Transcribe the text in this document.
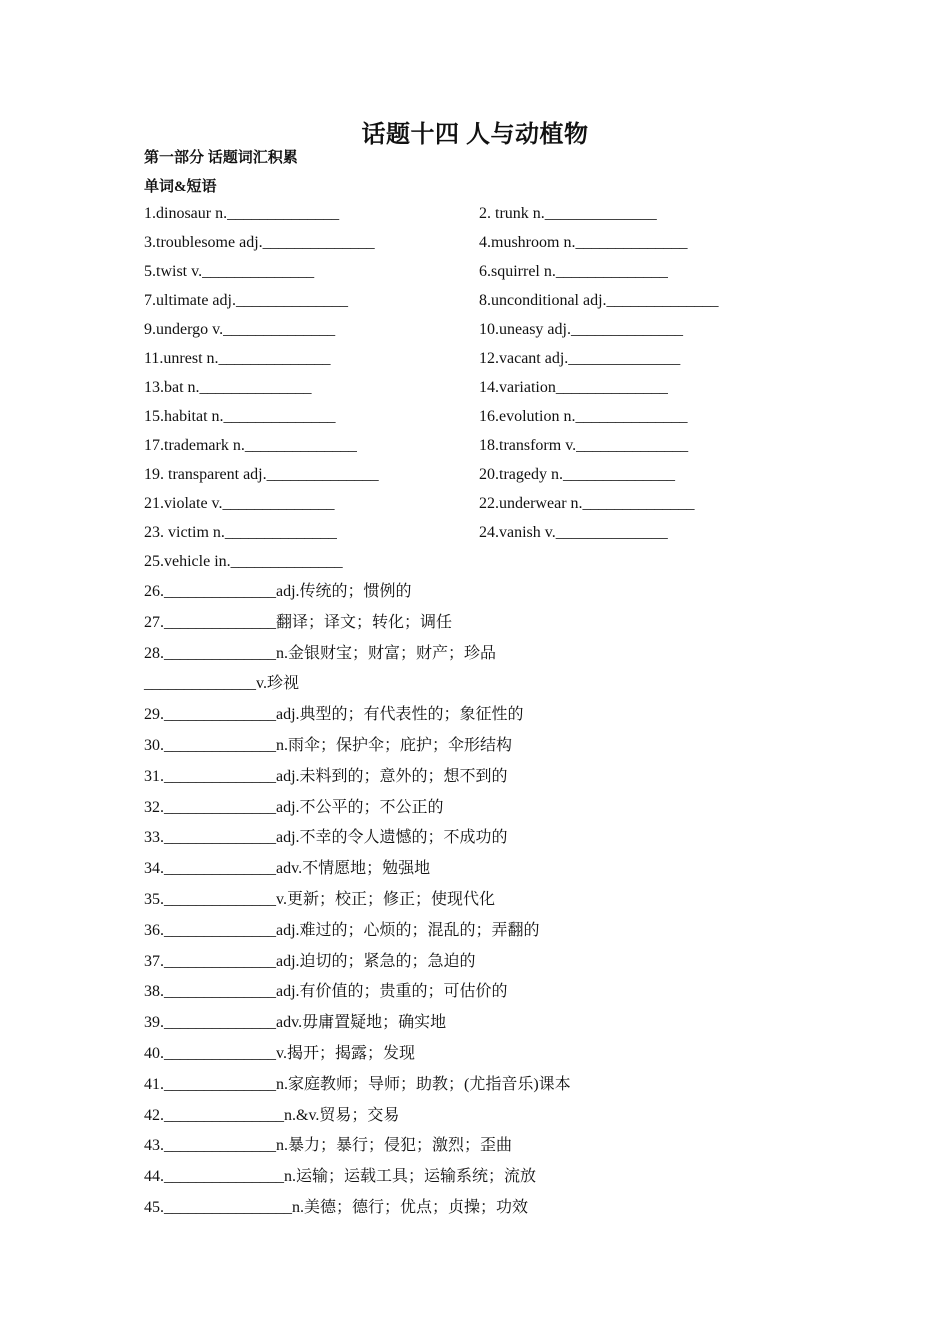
话题十四 人与动植物
第一部分 话题词汇积累
单词&短语
1.dinosaur n.______________	2. trunk n.______________
3.troublesome adj.______________	4.mushroom n.______________
5.twist v.______________	6.squirrel n.______________
7.ultimate adj.______________	8.unconditional adj.______________
9.undergo v.______________	10.uneasy adj.______________
11.unrest n.______________	12.vacant adj.______________
13.bat n.______________	14.variation______________
15.habitat n.______________	16.evolution n.______________
17.trademark n.______________	18.transform v.______________
19. transparent adj.______________	20.tragedy n.______________
21.violate v.______________	22.underwear n.______________
23. victim n.______________	24.vanish v.______________
25.vehicle in.______________
26.______________adj.传统的；惯例的
27.______________翻译；译文；转化；调任
28.______________n.金银财宝；财富；财产；珍品
______________v.珍视
29.______________adj.典型的；有代表性的；象征性的
30.______________n.雨伞；保护伞；庇护；伞形结构
31.______________adj.未料到的；意外的；想不到的
32.______________adj.不公平的；不公正的
33.______________adj.不幸的令人遗憾的；不成功的
34.______________adv.不情愿地；勉强地
35.______________v.更新；校正；修正；使现代化
36.______________adj.难过的；心烦的；混乱的；弄翻的
37.______________adj.迫切的；紧急的；急迫的
38.______________adj.有价值的；贵重的；可估价的
39.______________adv.毋庸置疑地；确实地
40.______________v.揭开；揭露；发现
41.______________n.家庭教师；导师；助教；(尤指音乐)课本
42._______________n.&v.贸易；交易
43.______________n.暴力；暴行；侵犯；激烈；歪曲
44._______________n.运输；运载工具；运输系统；流放
45.________________n.美德；德行；优点；贞操；功效
